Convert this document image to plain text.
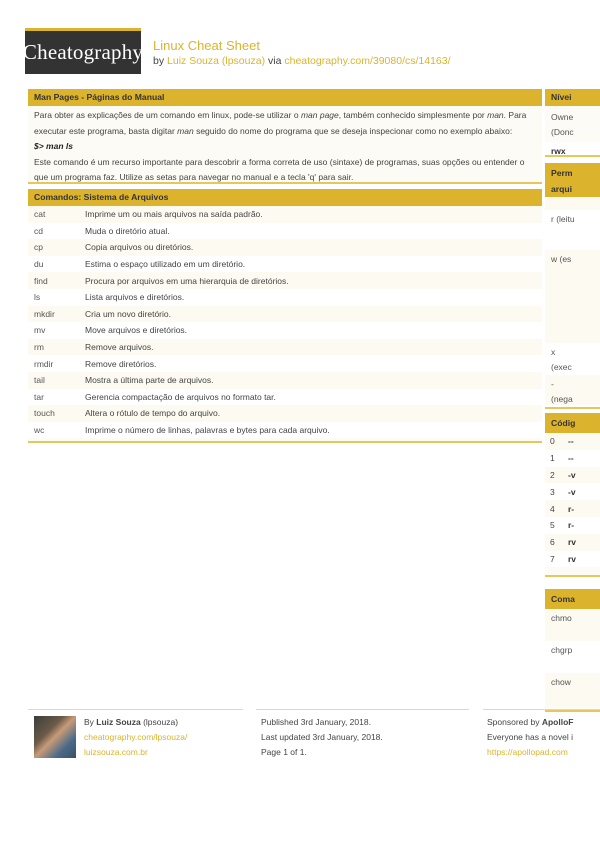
Cheatography Linux Cheat Sheet
by Luiz Souza (lpsouza) via cheatography.com/39080/cs/14163/
Man Pages - Páginas do Manual
Para obter as explicações de um comando em linux, pode-se utilizar o man page, também conhecido simplesmente por man. Para executar este programa, basta digitar man seguido do nome do programa que se deseja inspecionar como no exemplo abaixo:
$> man ls
Este comando é um recurso importante para descobrir a forma correta de uso (sintaxe) de programas, suas opções ou entender o que um programa faz. Utilize as setas para navegar no manual e a tecla 'q' para sair.
Comandos: Sistema de Arquivos
cat	Imprime um ou mais arquivos na saída padrão.
cd	Muda o diretório atual.
cp	Copia arquivos ou diretórios.
du	Estima o espaço utilizado em um diretório.
find	Procura por arquivos em uma hierarquia de diretórios.
ls	Lista arquivos e diretórios.
mkdir	Cria um novo diretório.
mv	Move arquivos e diretórios.
rm	Remove arquivos.
rmdir	Remove diretórios.
tail	Mostra a última parte de arquivos.
tar	Gerencia compactação de arquivos no formato tar.
touch	Altera o rótulo de tempo do arquivo.
wc	Imprime o número de linhas, palavras e bytes para cada arquivo.
Nívei
Owne
(Donc
rwx
Perm
arqui
r (leitu
w (es
x
(exec
-
(nega

Códig
0	--
1	--
2	-v
3	-v
4	r-
5	r-
6	rv
7	rv
Coma
chmo
chgrp
chow
By Luiz Souza (lpsouza)
cheatography.com/lpsouza/
luizsouza.com.br
Published 3rd January, 2018.
Last updated 3rd January, 2018.
Page 1 of 1.
Sponsored by ApolloF
Everyone has a novel i
https://apollopad.com
